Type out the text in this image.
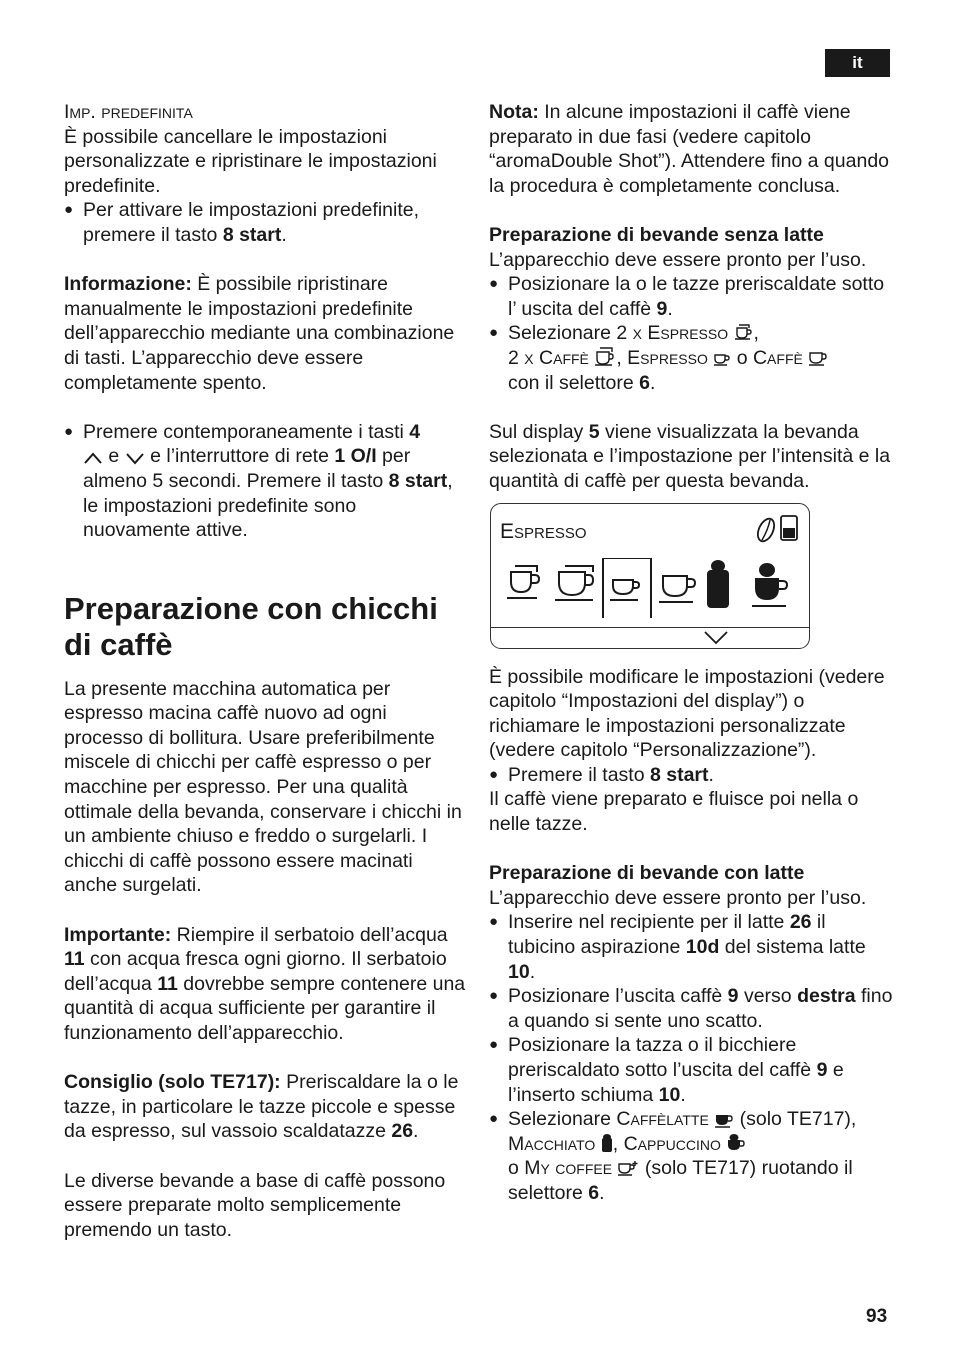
it

Imp. predefinita

È possibile cancellare le impostazioni personalizzate e ripristinare le impostazioni predefinite.

● Per attivare le impostazioni predefinite, premere il tasto 8 start.

Informazione: È possibile ripristinare manualmente le impostazioni predefinite dell’apparecchio mediante una combinazione di tasti. L’apparecchio deve essere completamente spento.

● Premere contemporaneamente i tasti 4
e  e l’interruttore di rete 1 O/I per almeno 5 secondi. Premere il tasto 8 start, le impostazioni predefinite sono nuovamente attive.

Preparazione con chicchi di caffè

La presente macchina automatica per espresso macina caffè nuovo ad ogni processo di bollitura. Usare preferibilmente miscele di chicchi per caffè espresso o per macchine per espresso. Per una qualità ottimale della bevanda, conservare i chicchi in un ambiente chiuso e freddo o surgelarli. I chicchi di caffè possono essere macinati anche surgelati.

Importante: Riempire il serbatoio dell’acqua 11 con acqua fresca ogni giorno. Il serbatoio dell’acqua 11 dovrebbe sempre contenere una quantità di acqua sufficiente per garantire il funzionamento dell’apparecchio.

Consiglio (solo TE717): Preriscaldare la o le tazze, in particolare le tazze piccole e spesse da espresso, sul vassoio scaldatazze 26.

Le diverse bevande a base di caffè possono essere preparate molto semplicemente premendo un tasto.

Nota: In alcune impostazioni il caffè viene preparato in due fasi (vedere capitolo “aromaDouble Shot”). Attendere fino a quando la procedura è completamente conclusa.

Preparazione di bevande senza latte

L’apparecchio deve essere pronto per l’uso.

● Posizionare la o le tazze preriscaldate sotto l’ uscita del caffè 9.

● Selezionare 2 x Espresso ,
2 x Caffè , Espresso  o Caffè
con il selettore 6.

Sul display 5 viene visualizzata la bevanda selezionata e l’impostazione per l’intensità e la quantità di caffè per questa bevanda.

Espresso

È possibile modificare le impostazioni (vedere capitolo “Impostazioni del display”) o richiamare le impostazioni personalizzate (vedere capitolo “Personalizzazione”).

● Premere il tasto 8 start.

Il caffè viene preparato e fluisce poi nella o nelle tazze.

Preparazione di bevande con latte

L’apparecchio deve essere pronto per l’uso.

● Inserire nel recipiente per il latte 26 il tubicino aspirazione 10d del sistema latte 10.

● Posizionare l’uscita caffè 9 verso destra fino a quando si sente uno scatto.

● Posizionare la tazza o il bicchiere preriscaldato sotto l’uscita del caffè 9 e l’inserto schiuma 10.

● Selezionare Caffèlatte  (solo TE717), Macchiato , Cappuccino
o My coffee  (solo TE717) ruotando il selettore 6.

93
